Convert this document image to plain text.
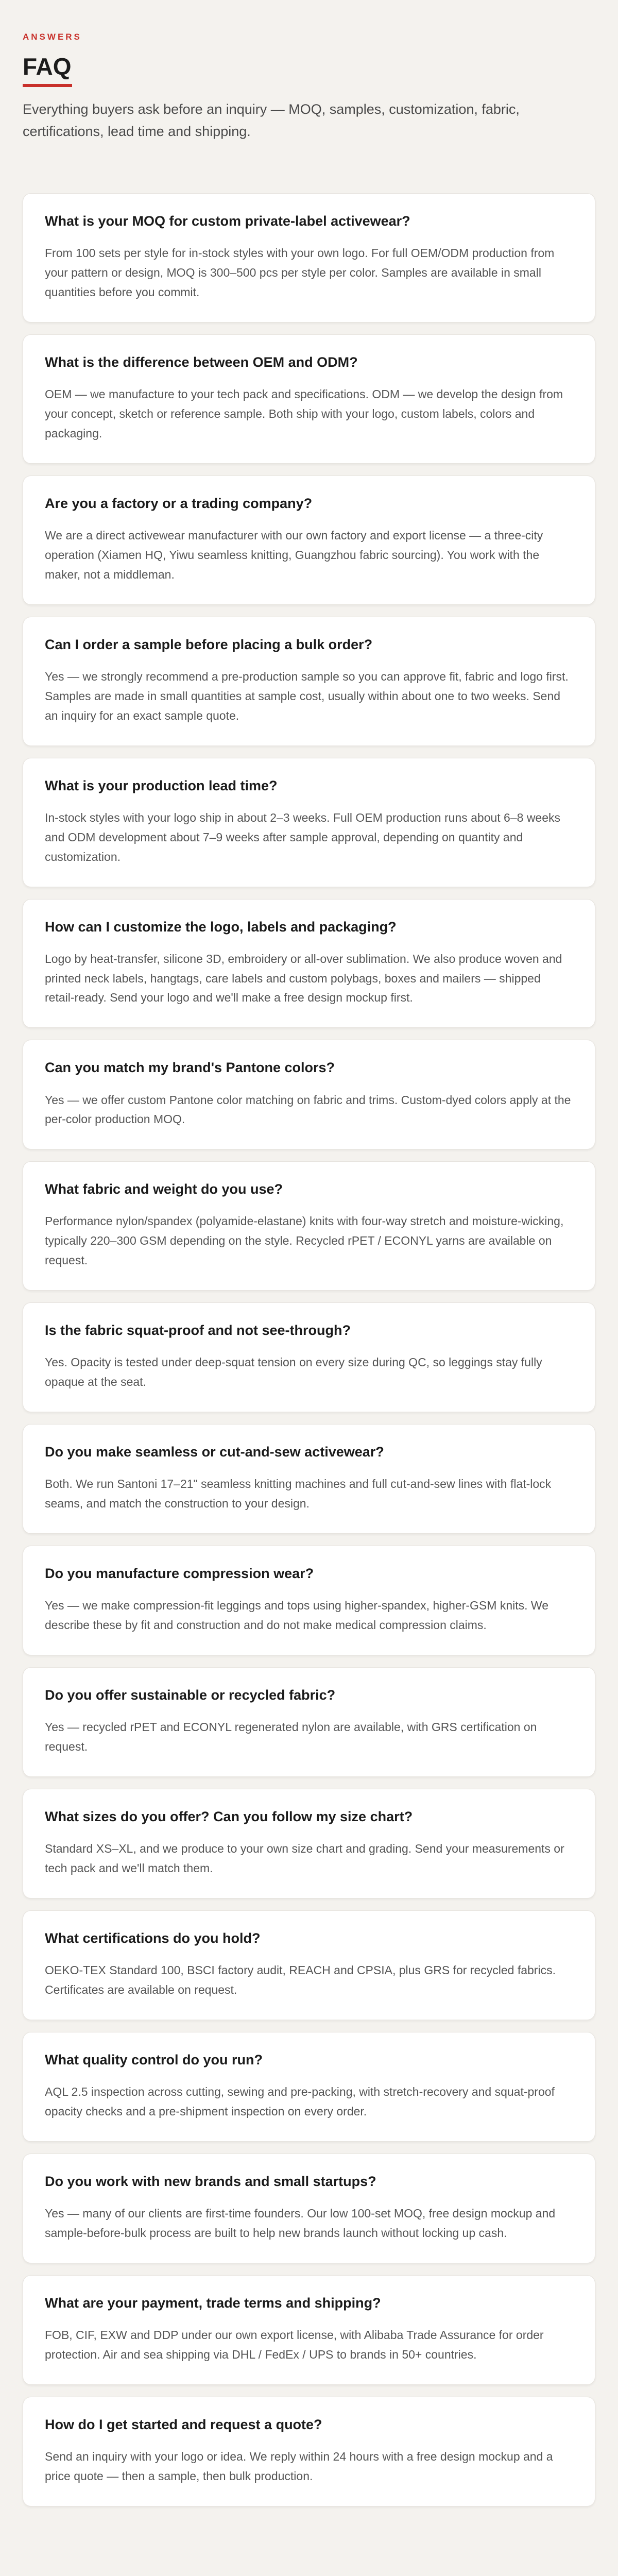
ANSWERS
FAQ

Everything buyers ask before an inquiry — MOQ, samples, customization, fabric, certifications, lead time and shipping.

What is your MOQ for custom private-label activewear?

From 100 sets per style for in-stock styles with your own logo. For full OEM/ODM production from your pattern or design, MOQ is 300–500 pcs per style per color. Samples are available in small quantities before you commit.

What is the difference between OEM and ODM?

OEM — we manufacture to your tech pack and specifications. ODM — we develop the design from your concept, sketch or reference sample. Both ship with your logo, custom labels, colors and packaging.

Are you a factory or a trading company?

We are a direct activewear manufacturer with our own factory and export license — a three-city operation (Xiamen HQ, Yiwu seamless knitting, Guangzhou fabric sourcing). You work with the maker, not a middleman.

Can I order a sample before placing a bulk order?

Yes — we strongly recommend a pre-production sample so you can approve fit, fabric and logo first. Samples are made in small quantities at sample cost, usually within about one to two weeks. Send an inquiry for an exact sample quote.

What is your production lead time?

In-stock styles with your logo ship in about 2–3 weeks. Full OEM production runs about 6–8 weeks and ODM development about 7–9 weeks after sample approval, depending on quantity and customization.

How can I customize the logo, labels and packaging?

Logo by heat-transfer, silicone 3D, embroidery or all-over sublimation. We also produce woven and printed neck labels, hangtags, care labels and custom polybags, boxes and mailers — shipped retail-ready. Send your logo and we'll make a free design mockup first.

Can you match my brand's Pantone colors?

Yes — we offer custom Pantone color matching on fabric and trims. Custom-dyed colors apply at the per-color production MOQ.

What fabric and weight do you use?

Performance nylon/spandex (polyamide-elastane) knits with four-way stretch and moisture-wicking, typically 220–300 GSM depending on the style. Recycled rPET / ECONYL yarns are available on request.

Is the fabric squat-proof and not see-through?

Yes. Opacity is tested under deep-squat tension on every size during QC, so leggings stay fully opaque at the seat.

Do you make seamless or cut-and-sew activewear?

Both. We run Santoni 17–21" seamless knitting machines and full cut-and-sew lines with flat-lock seams, and match the construction to your design.

Do you manufacture compression wear?

Yes — we make compression-fit leggings and tops using higher-spandex, higher-GSM knits. We describe these by fit and construction and do not make medical compression claims.

Do you offer sustainable or recycled fabric?

Yes — recycled rPET and ECONYL regenerated nylon are available, with GRS certification on request.

What sizes do you offer? Can you follow my size chart?

Standard XS–XL, and we produce to your own size chart and grading. Send your measurements or tech pack and we'll match them.

What certifications do you hold?

OEKO-TEX Standard 100, BSCI factory audit, REACH and CPSIA, plus GRS for recycled fabrics. Certificates are available on request.

What quality control do you run?

AQL 2.5 inspection across cutting, sewing and pre-packing, with stretch-recovery and squat-proof opacity checks and a pre-shipment inspection on every order.

Do you work with new brands and small startups?

Yes — many of our clients are first-time founders. Our low 100-set MOQ, free design mockup and sample-before-bulk process are built to help new brands launch without locking up cash.

What are your payment, trade terms and shipping?

FOB, CIF, EXW and DDP under our own export license, with Alibaba Trade Assurance for order protection. Air and sea shipping via DHL / FedEx / UPS to brands in 50+ countries.

How do I get started and request a quote?

Send an inquiry with your logo or idea. We reply within 24 hours with a free design mockup and a price quote — then a sample, then bulk production.
